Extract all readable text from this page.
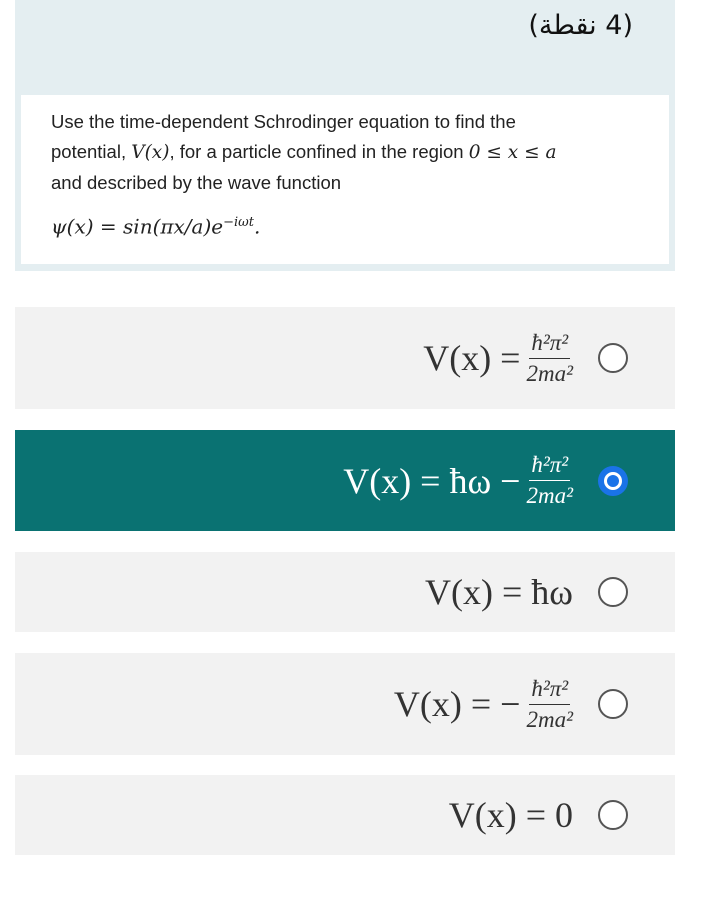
(4 نقطة)
Use the time-dependent Schrodinger equation to find the
potential, V(x), for a particle confined in the region 0 ≤ x ≤ a
and described by the wave function
$\psi(x) = \sin(\pi x/a)e^{-i\omega t}$.
$V(x) = \frac{\text{ħ²π²}}{\text{2ma²}}$
V(x) = ħω − $\frac{\text{ħ²π²}}{\text{2ma²}}$
V(x) = ħω
V(x) = − $\frac{\text{ħ²π²}}{\text{2ma²}}$
V(x) = 0
